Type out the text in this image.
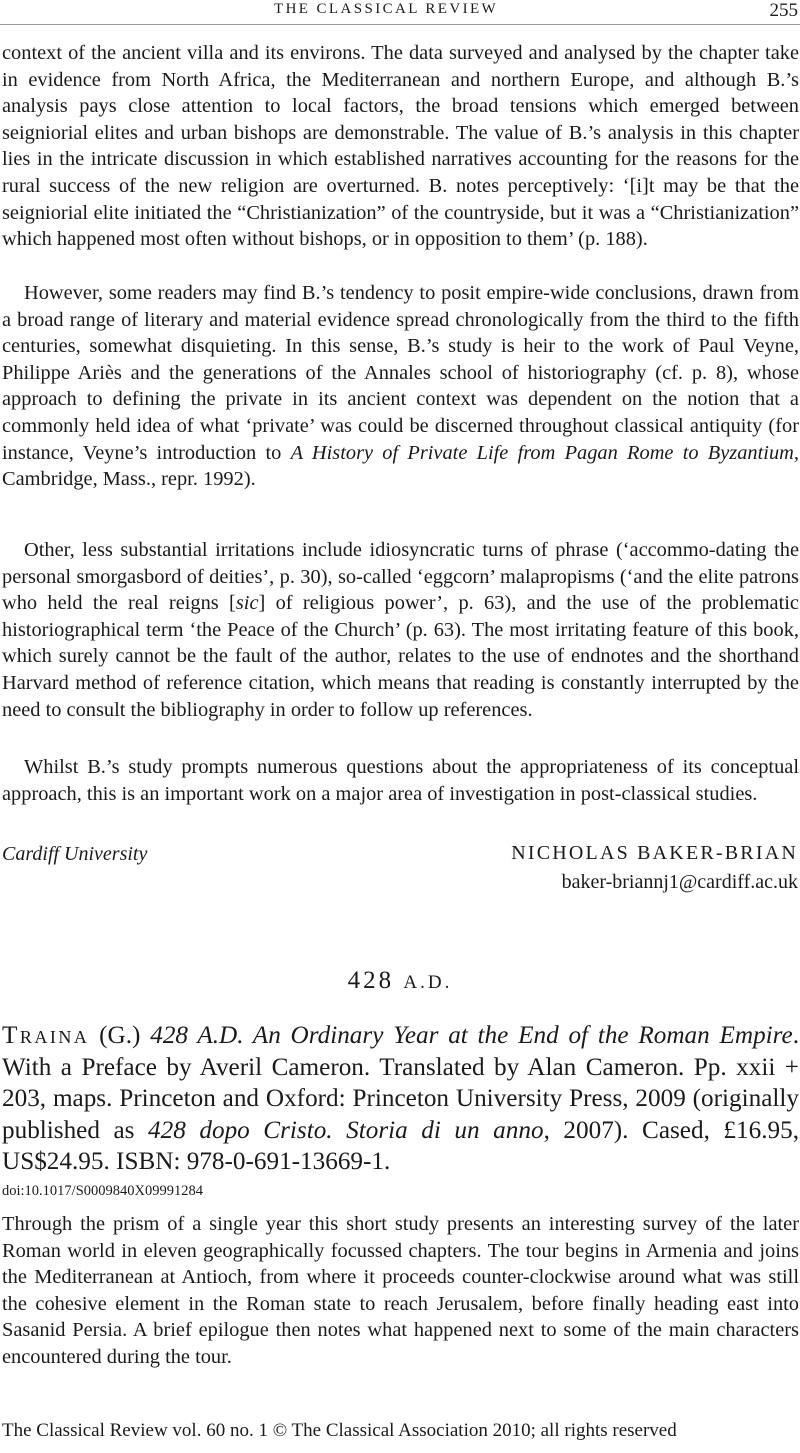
THE CLASSICAL REVIEW	255

context of the ancient villa and its environs. The data surveyed and analysed by the chapter take in evidence from North Africa, the Mediterranean and northern Europe, and although B.’s analysis pays close attention to local factors, the broad tensions which emerged between seigniorial elites and urban bishops are demonstrable. The value of B.’s analysis in this chapter lies in the intricate discussion in which established narratives accounting for the reasons for the rural success of the new religion are overturned. B. notes perceptively: ‘[i]t may be that the seigniorial elite initiated the “Christianization” of the countryside, but it was a “Christianization” which happened most often without bishops, or in opposition to them’ (p. 188).

However, some readers may find B.’s tendency to posit empire-wide conclusions, drawn from a broad range of literary and material evidence spread chronologically from the third to the fifth centuries, somewhat disquieting. In this sense, B.’s study is heir to the work of Paul Veyne, Philippe Ariès and the generations of the Annales school of historiography (cf. p. 8), whose approach to defining the private in its ancient context was dependent on the notion that a commonly held idea of what ‘private’ was could be discerned throughout classical antiquity (for instance, Veyne’s introduction to A History of Private Life from Pagan Rome to Byzantium, Cambridge, Mass., repr. 1992).

Other, less substantial irritations include idiosyncratic turns of phrase (‘accommo-dating the personal smorgasbord of deities’, p. 30), so-called ‘eggcorn’ malapropisms (‘and the elite patrons who held the real reigns [sic] of religious power’, p. 63), and the use of the problematic historiographical term ‘the Peace of the Church’ (p. 63). The most irritating feature of this book, which surely cannot be the fault of the author, relates to the use of endnotes and the shorthand Harvard method of reference citation, which means that reading is constantly interrupted by the need to consult the bibliography in order to follow up references.

Whilst B.’s study prompts numerous questions about the appropriateness of its conceptual approach, this is an important work on a major area of investigation in post-classical studies.

Cardiff University	NICHOLAS BAKER-BRIAN
baker-briannj1@cardiff.ac.uk
428 A.D.

Traina (G.) 428 A.D. An Ordinary Year at the End of the Roman Empire. With a Preface by Averil Cameron. Translated by Alan Cameron. Pp. xxii + 203, maps. Princeton and Oxford: Princeton University Press, 2009 (originally published as 428 dopo Cristo. Storia di un anno, 2007). Cased, £16.95, US$24.95. ISBN: 978-0-691-13669-1.

doi:10.1017/S0009840X09991284

Through the prism of a single year this short study presents an interesting survey of the later Roman world in eleven geographically focussed chapters. The tour begins in Armenia and joins the Mediterranean at Antioch, from where it proceeds counter-clockwise around what was still the cohesive element in the Roman state to reach Jerusalem, before finally heading east into Sasanid Persia. A brief epilogue then notes what happened next to some of the main characters encountered during the tour.

The Classical Review vol. 60 no. 1 © The Classical Association 2010; all rights reserved
